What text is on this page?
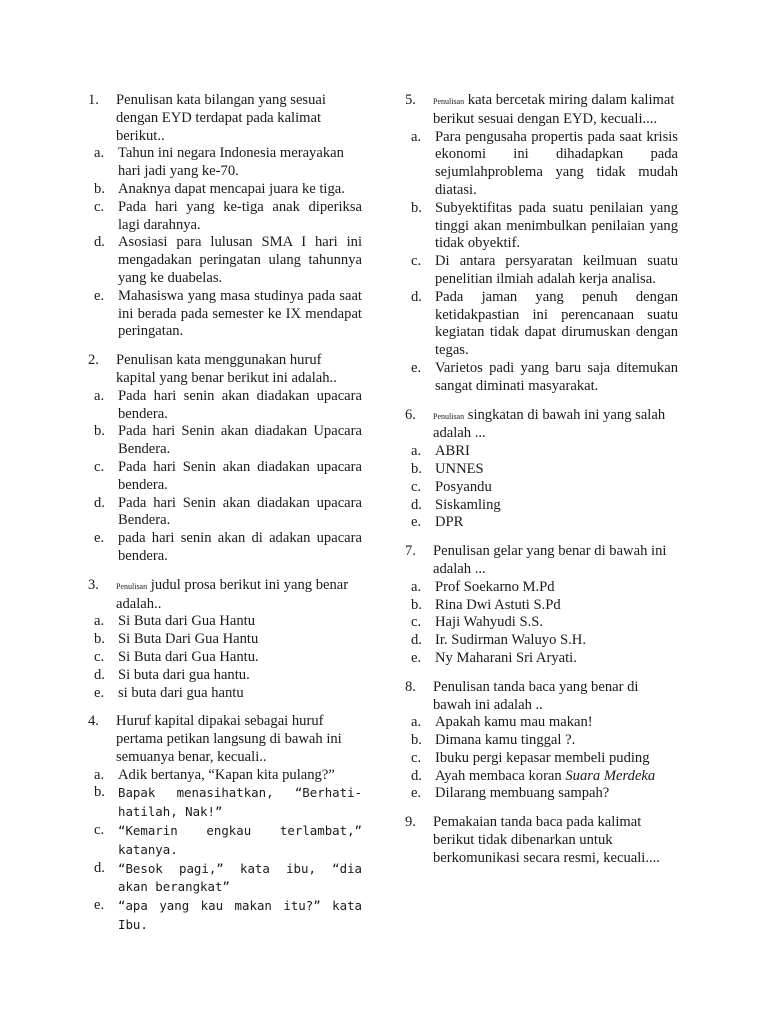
1.	Penulisan kata bilangan yang sesuai dengan EYD terdapat pada kalimat berikut..
a. Tahun ini negara Indonesia merayakan hari jadi yang ke-70.
b. Anaknya dapat mencapai juara ke tiga.
c. Pada hari yang ke-tiga anak diperiksa lagi darahnya.
d. Asosiasi para lulusan SMA I hari ini mengadakan peringatan ulang tahunnya yang ke duabelas.
e. Mahasiswa yang masa studinya pada saat ini berada pada semester ke IX mendapat peringatan.
2.	Penulisan kata menggunakan huruf kapital yang benar berikut ini adalah..
a. Pada hari senin akan diadakan upacara bendera.
b. Pada hari Senin akan diadakan Upacara Bendera.
c. Pada hari Senin akan diadakan upacara bendera.
d. Pada hari Senin akan diadakan upacara Bendera.
e. pada hari senin akan di adakan upacara bendera.
3.	Penulisan judul prosa berikut ini yang benar adalah..
a. Si Buta dari Gua Hantu
b. Si Buta Dari Gua Hantu
c. Si Buta dari Gua Hantu.
d. Si buta dari gua hantu.
e. si buta dari gua hantu
4.	Huruf kapital dipakai sebagai huruf pertama petikan langsung di bawah ini semuanya benar, kecuali..
a. Adik bertanya, “Kapan kita pulang?”
b.	Bapak menasihatkan, “Berhati-hatilah, Nak!”
c.	“Kemarin engkau terlambat,” katanya.
d.	“Besok pagi,” kata ibu, “dia akan berangkat”
e.	“apa yang kau makan itu?” kata Ibu.
5.	Penulisan kata bercetak miring dalam kalimat berikut sesuai dengan EYD, kecuali....
a. Para pengusaha propertis pada saat krisis ekonomi ini dihadapkan pada sejumlahproblema yang tidak mudah diatasi.
b. Subyektifitas pada suatu penilaian yang tinggi akan menimbulkan penilaian yang tidak obyektif.
c. Di antara persyaratan keilmuan suatu penelitian ilmiah adalah kerja analisa.
d. Pada jaman yang penuh dengan ketidakpastian ini perencanaan suatu kegiatan tidak dapat dirumuskan dengan tegas.
e. Varietos padi yang baru saja ditemukan sangat diminati masyarakat.
6.	Penulisan singkatan di bawah ini yang salah adalah ...
a. ABRI
b. UNNES
c. Posyandu
d. Siskamling
e. DPR
7.	Penulisan gelar yang benar di bawah ini adalah ...
a. Prof Soekarno M.Pd
b. Rina Dwi Astuti S.Pd
c. Haji Wahyudi S.S.
d. Ir. Sudirman Waluyo S.H.
e. Ny Maharani Sri Aryati.
8.	Penulisan tanda baca yang benar di bawah ini adalah ..
a. Apakah kamu mau makan!
b. Dimana kamu tinggal ?.
c. Ibuku pergi kepasar membeli puding
d. Ayah membaca koran Suara Merdeka
e. Dilarang membuang sampah?
9.	Pemakaian tanda baca pada kalimat berikut tidak dibenarkan untuk berkomunikasi secara resmi, kecuali....
